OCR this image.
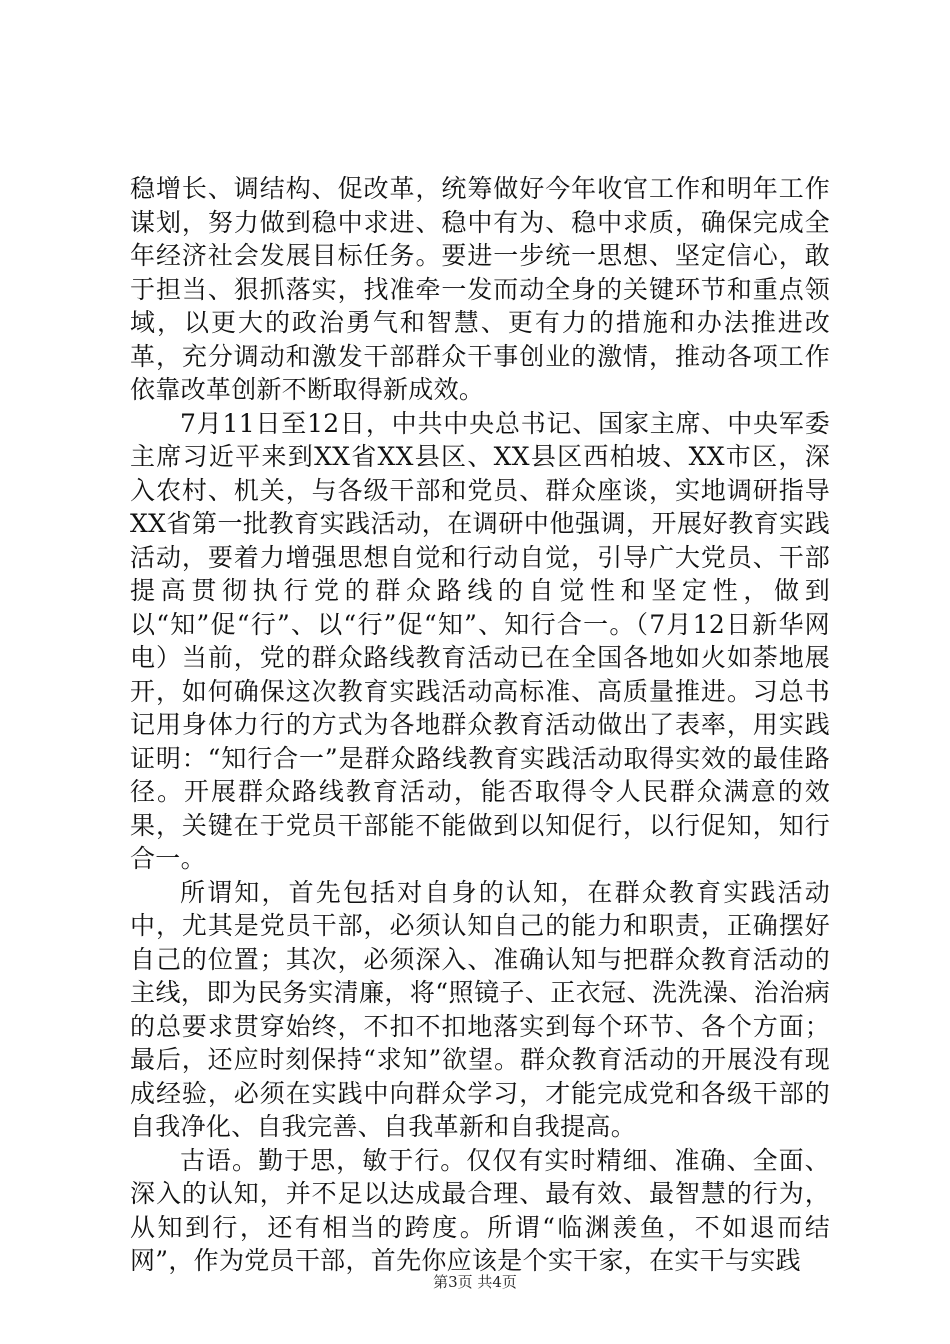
稳增长、调结构、促改革，统筹做好今年收官工作和明年工作谋划，努力做到稳中求进、稳中有为、稳中求质，确保完成全年经济社会发展目标任务。要进一步统一思想、坚定信心，敢于担当、狠抓落实，找准牵一发而动全身的关键环节和重点领域，以更大的政治勇气和智慧、更有力的措施和办法推进改革，充分调动和激发干部群众干事创业的激情，推动各项工作依靠改革创新不断取得新成效。

7月11日至12日，中共中央总书记、国家主席、中央军委主席习近平来到XX省XX县区、XX县区西柏坡、XX市区，深入农村、机关，与各级干部和党员、群众座谈，实地调研指导XX省第一批教育实践活动，在调研中他强调，开展好教育实践活动，要着力增强思想自觉和行动自觉，引导广大党员、干部提高贯彻执行党的群众路线的自觉性和坚定性，做到以“知”促“行”、以“行”促“知”、知行合一。（7月12日新华网电）当前，党的群众路线教育活动已在全国各地如火如荼地展开，如何确保这次教育实践活动高标准、高质量推进。习总书记用身体力行的方式为各地群众教育活动做出了表率，用实践证明：“知行合一”是群众路线教育实践活动取得实效的最佳路径。开展群众路线教育活动，能否取得令人民群众满意的效果，关键在于党员干部能不能做到以知促行，以行促知，知行合一。

所谓知，首先包括对自身的认知，在群众教育实践活动中，尤其是党员干部，必须认知自己的能力和职责，正确摆好自己的位置；其次，必须深入、准确认知与把群众教育活动的主线，即为民务实清廉，将“照镜子、正衣冠、洗洗澡、治治病的总要求贯穿始终，不扣不扣地落实到每个环节、各个方面；最后，还应时刻保持“求知”欲望。群众教育活动的开展没有现成经验，必须在实践中向群众学习，才能完成党和各级干部的自我净化、自我完善、自我革新和自我提高。

古语。勤于思，敏于行。仅仅有实时精细、准确、全面、深入的认知，并不足以达成最合理、最有效、最智慧的行为，从知到行，还有相当的跨度。所谓“临渊羡鱼，不如退而结网”，作为党员干部，首先你应该是个实干家，在实干与实践

第3页 共4页
